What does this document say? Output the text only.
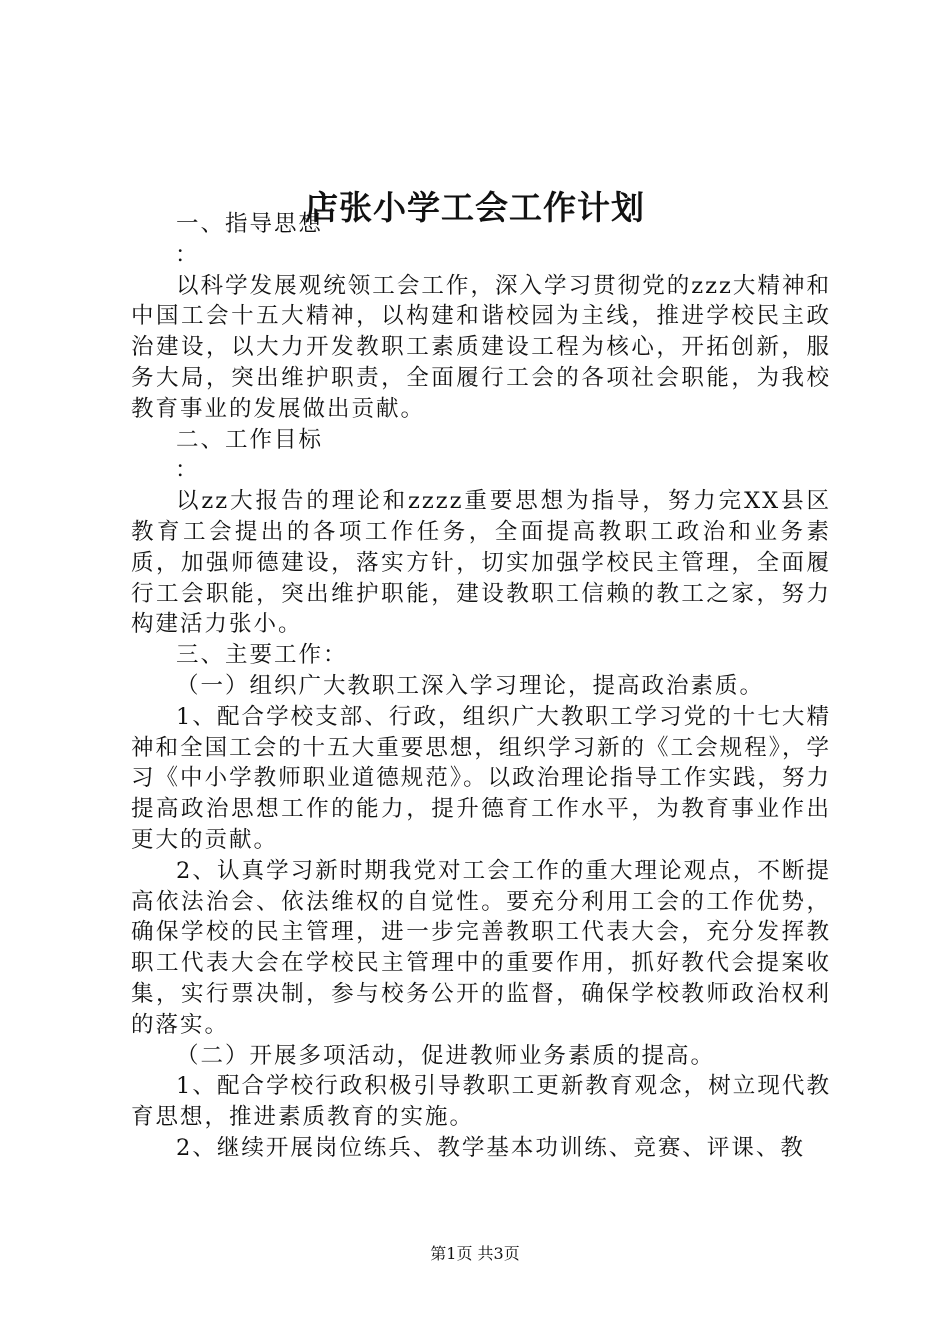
店张小学工会工作计划

一、指导思想

：

以科学发展观统领工会工作，深入学习贯彻党的zzz大精神和中国工会十五大精神，以构建和谐校园为主线，推进学校民主政治建设，以大力开发教职工素质建设工程为核心，开拓创新，服务大局，突出维护职责，全面履行工会的各项社会职能，为我校教育事业的发展做出贡献。

二、工作目标

：

以zz大报告的理论和zzzz重要思想为指导，努力完XX县区教育工会提出的各项工作任务，全面提高教职工政治和业务素质，加强师德建设，落实方针，切实加强学校民主管理，全面履行工会职能，突出维护职能，建设教职工信赖的教工之家，努力构建活力张小。

三、主要工作：

（一）组织广大教职工深入学习理论，提高政治素质。

1、配合学校支部、行政，组织广大教职工学习党的十七大精神和全国工会的十五大重要思想，组织学习新的《工会规程》，学习《中小学教师职业道德规范》。以政治理论指导工作实践，努力提高政治思想工作的能力，提升德育工作水平，为教育事业作出更大的贡献。

2、认真学习新时期我党对工会工作的重大理论观点，不断提高依法治会、依法维权的自觉性。要充分利用工会的工作优势，确保学校的民主管理，进一步完善教职工代表大会，充分发挥教职工代表大会在学校民主管理中的重要作用，抓好教代会提案收集，实行票决制，参与校务公开的监督，确保学校教师政治权利的落实。

（二）开展多项活动，促进教师业务素质的提高。

1、配合学校行政积极引导教职工更新教育观念，树立现代教育思想，推进素质教育的实施。

2、继续开展岗位练兵、教学基本功训练、竞赛、评课、教

第1页 共3页
